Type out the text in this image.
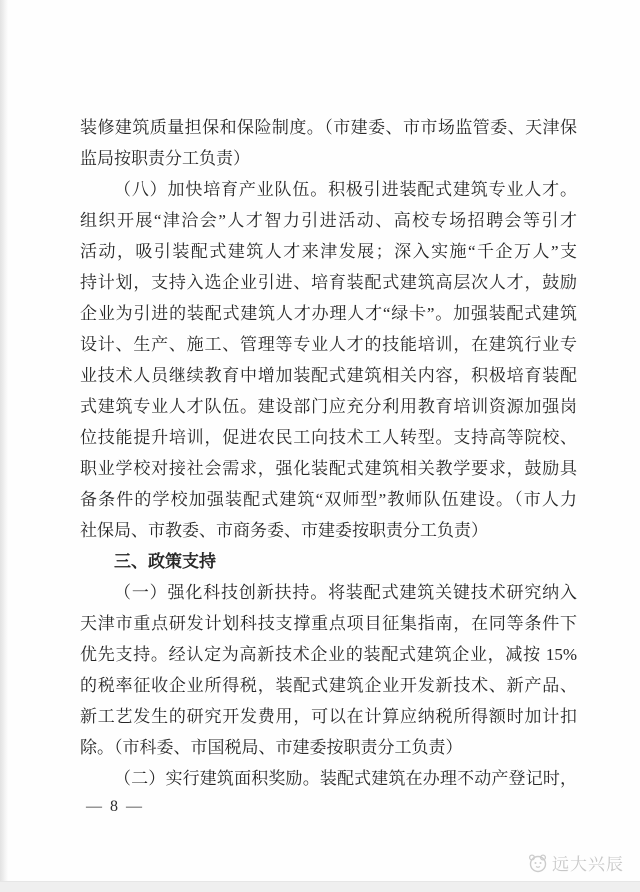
装修建筑质量担保和保险制度。（市建委、市市场监管委、天津保
监局按职责分工负责）
（八）加快培育产业队伍。积极引进装配式建筑专业人才。
组织开展“津洽会”人才智力引进活动、高校专场招聘会等引才
活动，吸引装配式建筑人才来津发展；深入实施“千企万人”支
持计划，支持入选企业引进、培育装配式建筑高层次人才，鼓励
企业为引进的装配式建筑人才办理人才“绿卡”。加强装配式建筑
设计、生产、施工、管理等专业人才的技能培训，在建筑行业专
业技术人员继续教育中增加装配式建筑相关内容，积极培育装配
式建筑专业人才队伍。建设部门应充分利用教育培训资源加强岗
位技能提升培训，促进农民工向技术工人转型。支持高等院校、
职业学校对接社会需求，强化装配式建筑相关教学要求，鼓励具
备条件的学校加强装配式建筑“双师型”教师队伍建设。（市人力
社保局、市教委、市商务委、市建委按职责分工负责）
三、政策支持
（一）强化科技创新扶持。将装配式建筑关键技术研究纳入
天津市重点研发计划科技支撑重点项目征集指南，在同等条件下
优先支持。经认定为高新技术企业的装配式建筑企业，减按 15%
的税率征收企业所得税，装配式建筑企业开发新技术、新产品、
新工艺发生的研究开发费用，可以在计算应纳税所得额时加计扣
除。（市科委、市国税局、市建委按职责分工负责）
（二）实行建筑面积奖励。装配式建筑在办理不动产登记时，
— 8 —
远大兴辰
